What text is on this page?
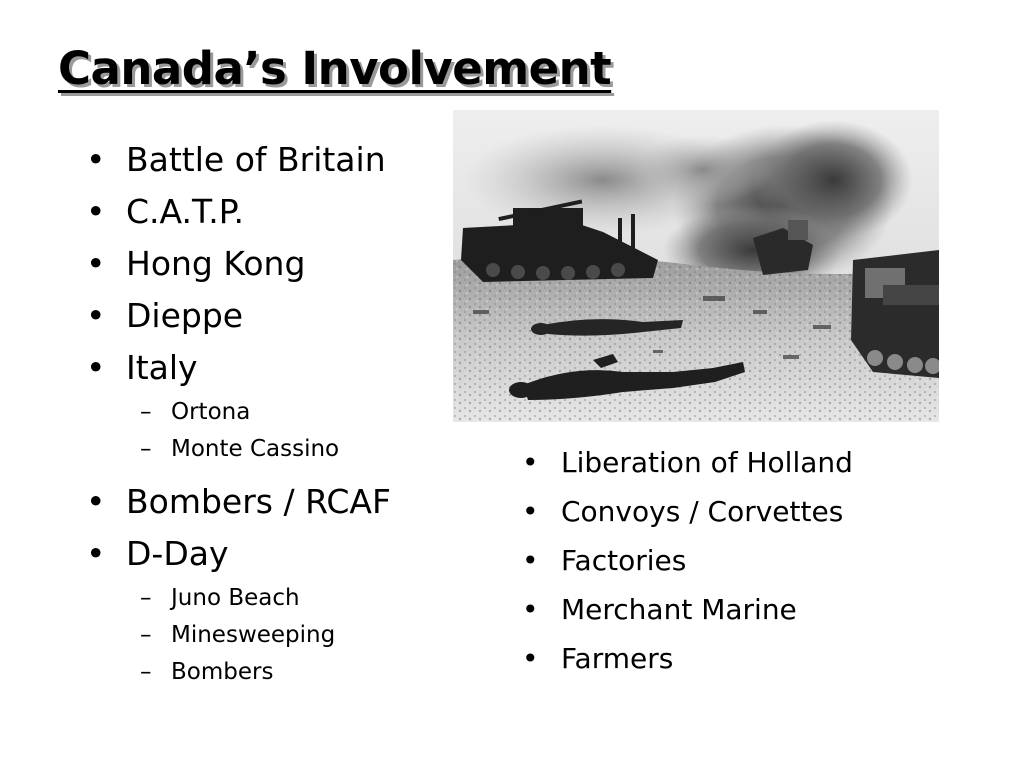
Canada’s Involvement
• Battle of Britain
• C.A.T.P.
• Hong Kong
• Dieppe
• Italy
– Ortona
– Monte Cassino
• Bombers / RCAF
• D-Day
– Juno Beach
– Minesweeping
– Bombers
• Liberation of Holland
• Convoys / Corvettes
• Factories
• Merchant Marine
• Farmers
